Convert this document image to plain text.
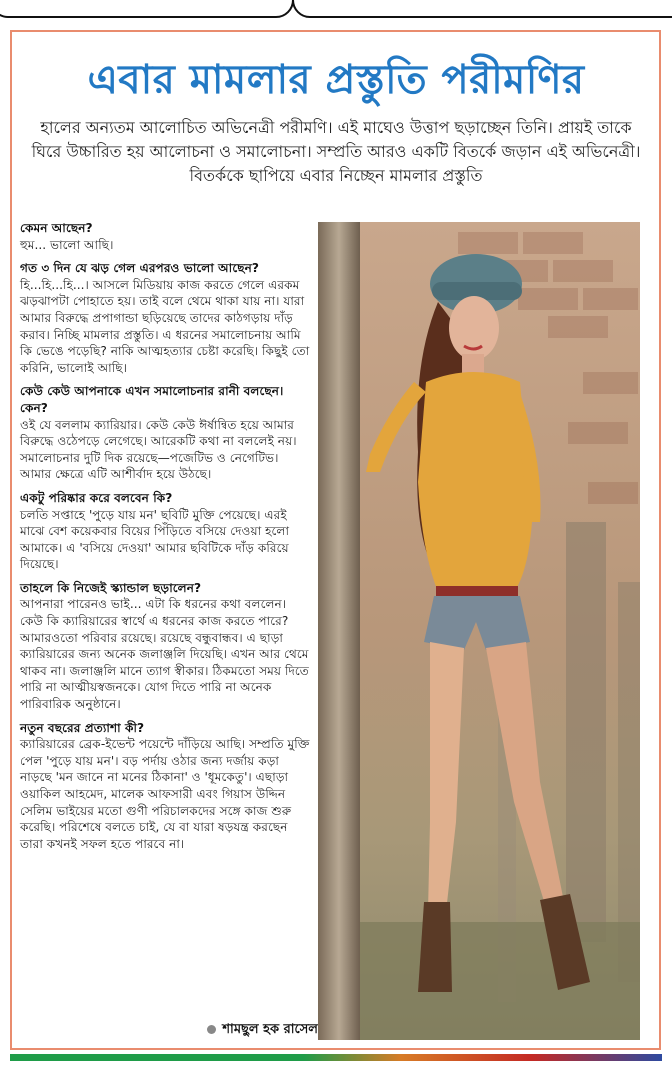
এবার মামলার প্রস্তুতি পরীমণির

হালের অন্যতম আলোচিত অভিনেত্রী পরীমণি। এই মাঘেও উত্তাপ ছড়াচ্ছেন তিনি। প্রায়ই তাকে ঘিরে উচ্চারিত হয় আলোচনা ও সমালোচনা। সম্প্রতি আরও একটি বিতর্কে জড়ান এই অভিনেত্রী। বিতর্ককে ছাপিয়ে এবার নিচ্ছেন মামলার প্রস্তুতি

কেমন আছেন?
হুম... ভালো আছি।
গত ৩ দিন যে ঝড় গেল এরপরও ভালো আছেন?
হি...হি...হি...। আসলে মিডিয়ায় কাজ করতে গেলে এরকম ঝড়ঝাপটা পোহাতে হয়। তাই বলে থেমে থাকা যায় না। যারা আমার বিরুদ্ধে প্রপাগান্ডা ছড়িয়েছে তাদের কাঠগড়ায় দাঁড় করাব। নিচ্ছি মামলার প্রস্তুতি। এ ধরনের সমালোচনায় আমি কি ভেঙে পড়েছি? নাকি আত্মহত্যার চেষ্টা করেছি। কিছুই তো করিনি, ভালোই আছি।
কেউ কেউ আপনাকে এখন সমালোচনার রানী বলছেন। কেন?
ওই যে বললাম ক্যারিয়ার। কেউ কেউ ঈর্ষান্বিত হয়ে আমার বিরুদ্ধে ওঠেপড়ে লেগেছে। আরেকটি কথা না বললেই নয়। সমালোচনার দুটি দিক রয়েছে—পজেটিভ ও নেগেটিভ। আমার ক্ষেত্রে এটি আশীর্বাদ হয়ে উঠছে।
একটু পরিষ্কার করে বলবেন কি?
চলতি সপ্তাহে 'পুড়ে যায় মন' ছবিটি মুক্তি পেয়েছে। এরই মাঝে বেশ কয়েকবার বিয়ের পিঁড়িতে বসিয়ে দেওয়া হলো আমাকে। এ 'বসিয়ে দেওয়া' আমার ছবিটিকে দাঁড় করিয়ে দিয়েছে।
তাহলে কি নিজেই স্ক্যান্ডাল ছড়ালেন?
আপনারা পারেনও ভাই... এটা কি ধরনের কথা বললেন। কেউ কি ক্যারিয়ারের স্বার্থে এ ধরনের কাজ করতে পারে? আমারওতো পরিবার রয়েছে। রয়েছে বন্ধুবান্ধব। এ ছাড়া ক্যারিয়ারের জন্য অনেক জলাঞ্জলি দিয়েছি। এখন আর থেমে থাকব না। জলাঞ্জলি মানে ত্যাগ স্বীকার। ঠিকমতো সময় দিতে পারি না আত্মীয়স্বজনকে। যোগ দিতে পারি না অনেক পারিবারিক অনুষ্ঠানে।
নতুন বছরের প্রত্যাশা কী?
ক্যারিয়ারের ব্রেক-ইভেন্ট পয়েন্টে দাঁড়িয়ে আছি। সম্প্রতি মুক্তি পেল 'পুড়ে যায় মন'। বড় পর্দায় ওঠার জন্য দর্জায় কড়া নাড়ছে 'মন জানে না মনের ঠিকানা' ও 'ধূমকেতু'। এছাড়া ওয়াকিল আহমেদ, মালেক আফসারী এবং গিয়াস উদ্দিন সেলিম ভাইয়ের মতো গুণী পরিচালকদের সঙ্গে কাজ শুরু করেছি। পরিশেষে বলতে চাই, যে বা যারা ষড়যন্ত্র করছেন তারা কখনই সফল হতে পারবে না।
শামছুল হক রাসেল
